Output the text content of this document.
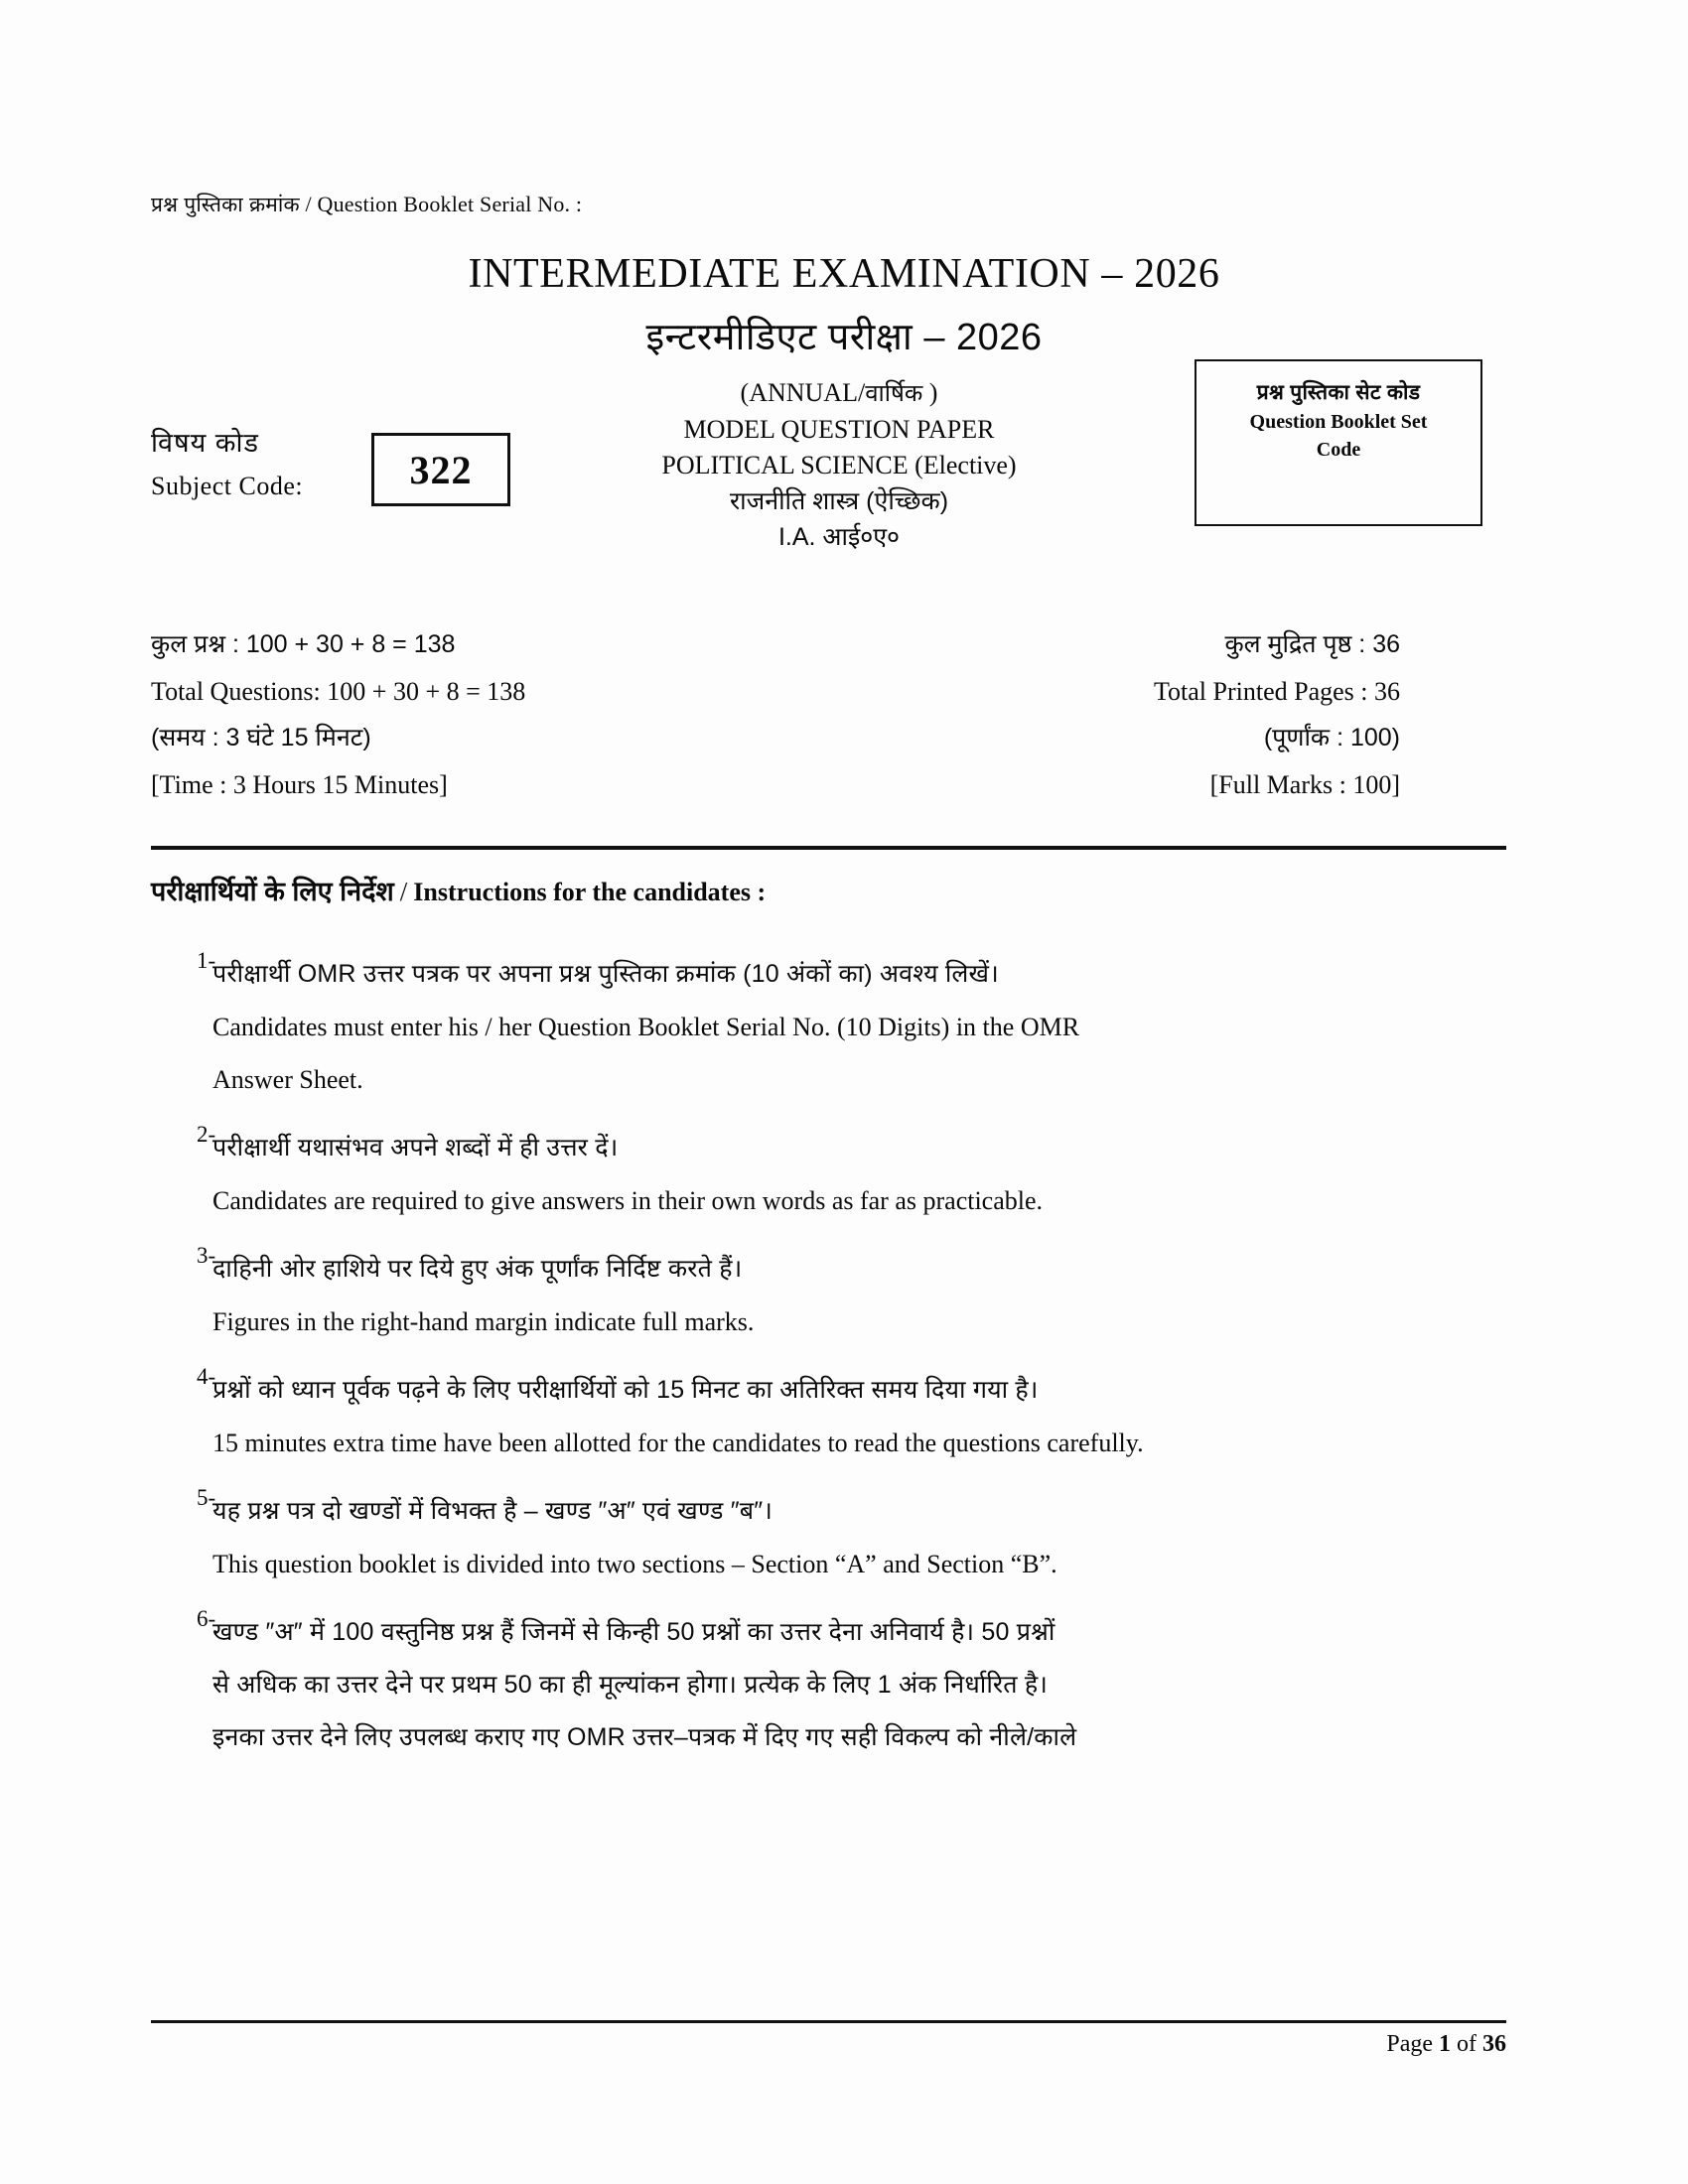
प्रश्न पुस्तिका क्रमांक / Question Booklet Serial No. :
INTERMEDIATE EXAMINATION – 2026
इन्टरमीडिएट परीक्षा – 2026
(ANNUAL/वार्षिक )
MODEL QUESTION PAPER
POLITICAL SCIENCE (Elective)
राजनीति शास्त्र (ऐच्छिक)
I.A. आई०ए०
विषय कोड
Subject Code:	322
प्रश्न पुस्तिका सेट कोड
Question Booklet Set
Code
कुल प्रश्न : 100 + 30 + 8 = 138
Total Questions: 100 + 30 + 8 = 138
(समय : 3 घंटे 15 मिनट)
[Time : 3 Hours 15 Minutes]
कुल मुद्रित पृष्ठ : 36
Total Printed Pages : 36
(पूर्णांक : 100)
[Full Marks : 100]
परीक्षार्थियों के लिए निर्देश / Instructions for the candidates :
1-
परीक्षार्थी OMR उत्तर पत्रक पर अपना प्रश्न पुस्तिका क्रमांक (10 अंकों का) अवश्य लिखें।
Candidates must enter his / her Question Booklet Serial No. (10 Digits) in the OMR
Answer Sheet.
2-
परीक्षार्थी यथासंभव अपने शब्दों में ही उत्तर दें।
Candidates are required to give answers in their own words as far as practicable.
3-
दाहिनी ओर हाशिये पर दिये हुए अंक पूर्णांक निर्दिष्ट करते हैं।
Figures in the right-hand margin indicate full marks.
4-
प्रश्नों को ध्यान पूर्वक पढ़ने के लिए परीक्षार्थियों को 15 मिनट का अतिरिक्त समय दिया गया है।
15 minutes extra time have been allotted for the candidates to read the questions carefully.
5-
यह प्रश्न पत्र दो खण्डों में विभक्त है – खण्ड ″अ″ एवं खण्ड ″ब″।
This question booklet is divided into two sections – Section “A” and Section “B”.
6-
खण्ड ″अ″ में 100 वस्तुनिष्ठ प्रश्न हैं जिनमें से किन्ही 50 प्रश्नों का उत्तर देना अनिवार्य है। 50 प्रश्नों
से अधिक का उत्तर देने पर प्रथम 50 का ही मूल्यांकन होगा। प्रत्येक के लिए 1 अंक निर्धारित है।
इनका उत्तर देने लिए उपलब्ध कराए गए OMR उत्तर–पत्रक में दिए गए सही विकल्प को नीले/काले
Page 1 of 36
